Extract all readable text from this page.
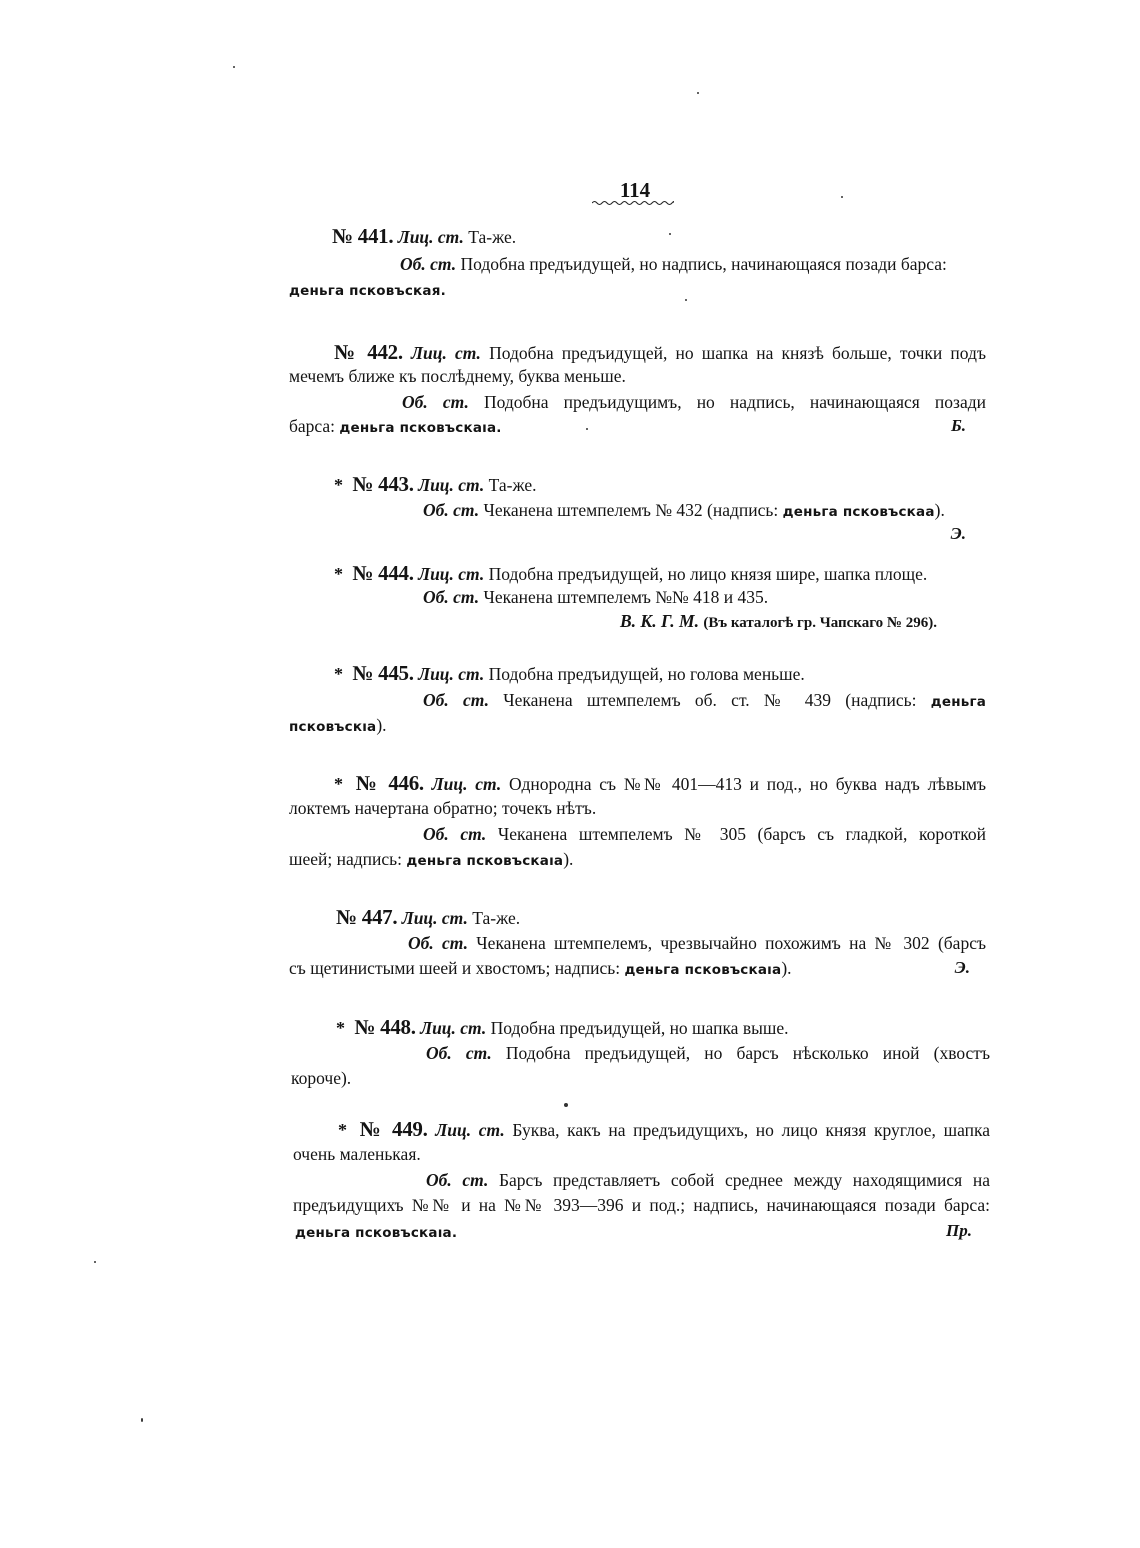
114
№ 441. Лиц. ст. Та-же.
Об. ст. Подобна предъидущей, но надпись, начинающаяся позади барса:
деньга псковъская.
№ 442. Лиц. ст. Подобна предъидущей, но шапка на князѣ больше, точки подъ
мечемъ ближе къ послѣднему, буква меньше.
Об. ст. Подобна предъидущимъ, но надпись, начинающаяся позади
барса: деньга псковъскаıа.	Б.
* № 443. Лиц. ст. Та-же.
Об. ст. Чеканена штемпелемъ № 432 (надпись: деньга псковъскаа).
Э.
* № 444. Лиц. ст. Подобна предъидущей, но лицо князя шире, шапка площе.
Об. ст. Чеканена штемпелемъ №№ 418 и 435.
В. К. Г. М. (Въ каталогѣ гр. Чапскаго № 296).
* № 445. Лиц. ст. Подобна предъидущей, но голова меньше.
Об. ст. Чеканена штемпелемъ об. ст. № 439 (надпись: деньга
псковъскıа).
* № 446. Лиц. ст. Однородна съ №№ 401—413 и под., но буква надъ лѣвымъ
локтемъ начертана обратно; точекъ нѣтъ.
Об. ст. Чеканена штемпелемъ № 305 (барсъ съ гладкой, короткой
шеей; надпись: деньга псковъскаıа).
№ 447. Лиц. ст. Та-же.
Об. ст. Чеканена штемпелемъ, чрезвычайно похожимъ на № 302 (барсъ
съ щетинистыми шеей и хвостомъ; надпись: деньга псковъскаıа).	Э.
* № 448. Лиц. ст. Подобна предъидущей, но шапка выше.
Об. ст. Подобна предъидущей, но барсъ нѣсколько иной (хвостъ
короче).
* № 449. Лиц. ст. Буква, какъ на предъидущихъ, но лицо князя круглое, шапка
очень маленькая.
Об. ст. Барсъ представляетъ собой среднее между находящимися на
предъидущихъ №№ и на №№ 393—396 и под.; надпись, начинающаяся позади барса:
деньга псковъскаıа.	Пр.
